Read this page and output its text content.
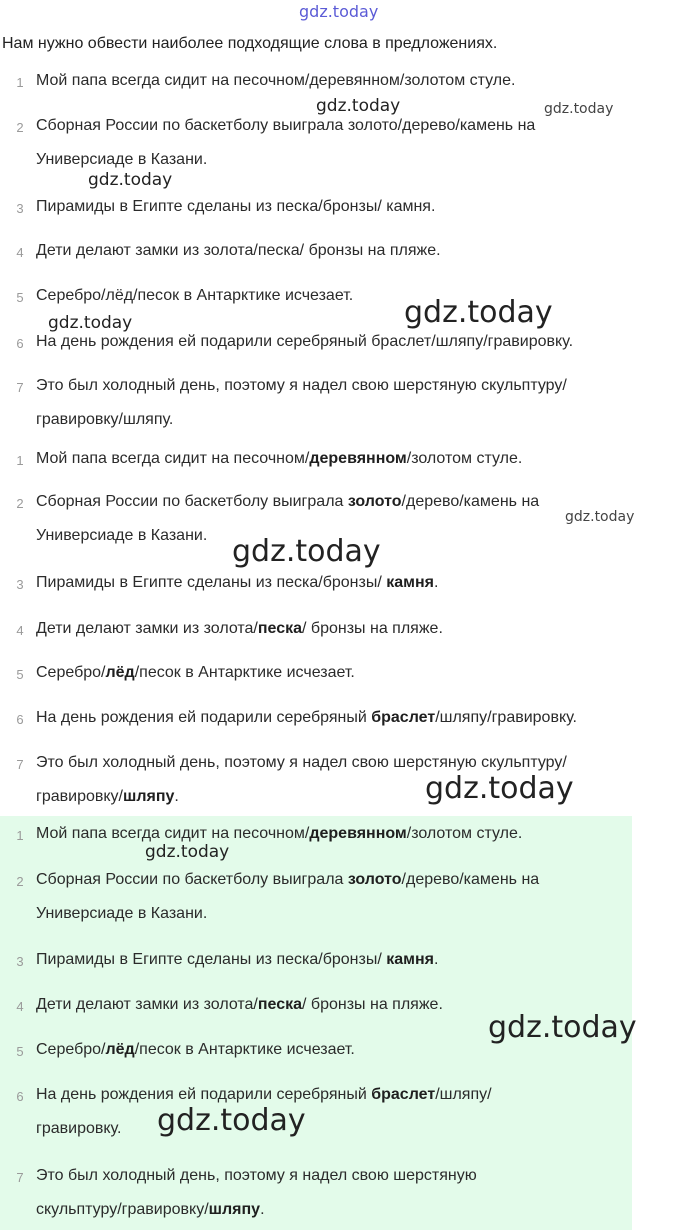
gdz.today
Нам нужно обвести наиболее подходящие слова в предложениях.
1 Мой папа всегда сидит на песочном/деревянном/золотом стуле.
2 Сборная России по баскетболу выиграла золото/дерево/камень на
Универсиаде в Казани.
3 Пирамиды в Египте сделаны из песка/бронзы/ камня.
4 Дети делают замки из золота/песка/ бронзы на пляже.
5 Серебро/лёд/песок в Антарктике исчезает.
6 На день рождения ей подарили серебряный браслет/шляпу/гравировку.
7 Это был холодный день, поэтому я надел свою шерстяную скульптуру/
гравировку/шляпу.
1 Мой папа всегда сидит на песочном/деревянном/золотом стуле.
2 Сборная России по баскетболу выиграла золото/дерево/камень на
Универсиаде в Казани.
3 Пирамиды в Египте сделаны из песка/бронзы/ камня.
4 Дети делают замки из золота/песка/ бронзы на пляже.
5 Серебро/лёд/песок в Антарктике исчезает.
6 На день рождения ей подарили серебряный браслет/шляпу/гравировку.
7 Это был холодный день, поэтому я надел свою шерстяную скульптуру/
гравировку/шляпу.
1 Мой папа всегда сидит на песочном/деревянном/золотом стуле.
2 Сборная России по баскетболу выиграла золото/дерево/камень на
Универсиаде в Казани.
3 Пирамиды в Египте сделаны из песка/бронзы/ камня.
4 Дети делают замки из золота/песка/ бронзы на пляже.
5 Серебро/лёд/песок в Антарктике исчезает.
6 На день рождения ей подарили серебряный браслет/шляпу/
гравировку.
7 Это был холодный день, поэтому я надел свою шерстяную
скульптуру/гравировку/шляпу.
gdz.today	gdz.today
gdz.today
gdz.today	gdz.today
gdz.today
gdz.today
gdz.today
gdz.today
gdz.today
gdz.today
